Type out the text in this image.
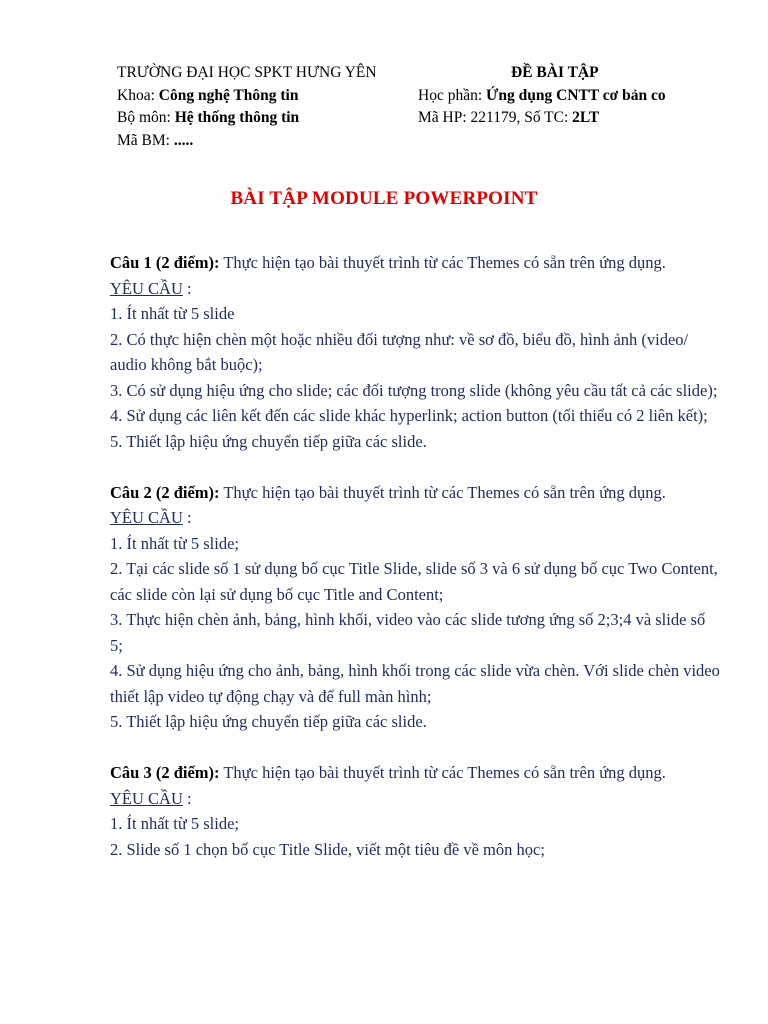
TRƯỜNG ĐẠI HỌC SPKT HƯNG YÊN
Khoa: Công nghệ Thông tin
Bộ môn: Hệ thống thông tin
Mã BM: .....
ĐỀ BÀI TẬP
Học phần: Ứng dụng CNTT cơ bản co
Mã HP: 221179, Số TC: 2LT
BÀI TẬP MODULE POWERPOINT
Câu 1 (2 điểm): Thực hiện tạo bài thuyết trình từ các Themes có sẵn trên ứng dụng.
YÊU CẦU :
1. Ít nhất từ 5 slide
2. Có thực hiện chèn một hoặc nhiều đối tượng như: về sơ đồ, biểu đồ, hình ảnh (video/ audio không bắt buộc);
3. Có sử dụng hiệu ứng cho slide; các đối tượng trong slide (không yêu cầu tất cả các slide);
4. Sử dụng các liên kết đến các slide khác hyperlink; action button (tối thiểu có 2 liên kết);
5. Thiết lập hiệu ứng chuyển tiếp giữa các slide.
Câu 2 (2 điểm): Thực hiện tạo bài thuyết trình từ các Themes có sẵn trên ứng dụng.
YÊU CẦU :
1. Ít nhất từ 5 slide;
2. Tại các slide số 1 sử dụng bố cục Title Slide, slide số 3 và 6 sử dụng bố cục Two Content, các slide còn lại sử dụng bố cục Title and Content;
3. Thực hiện chèn ảnh, bảng, hình khối, video vào các slide tương ứng số 2;3;4 và slide số 5;
4. Sử dụng hiệu ứng cho ảnh, bảng, hình khối trong các slide vừa chèn. Với slide chèn video thiết lập video tự động chạy và để full màn hình;
5. Thiết lập hiệu ứng chuyển tiếp giữa các slide.
Câu 3 (2 điểm): Thực hiện tạo bài thuyết trình từ các Themes có sẵn trên ứng dụng.
YÊU CẦU :
1. Ít nhất từ 5 slide;
2. Slide số 1 chọn bố cục Title Slide, viết một tiêu đề về môn học;
